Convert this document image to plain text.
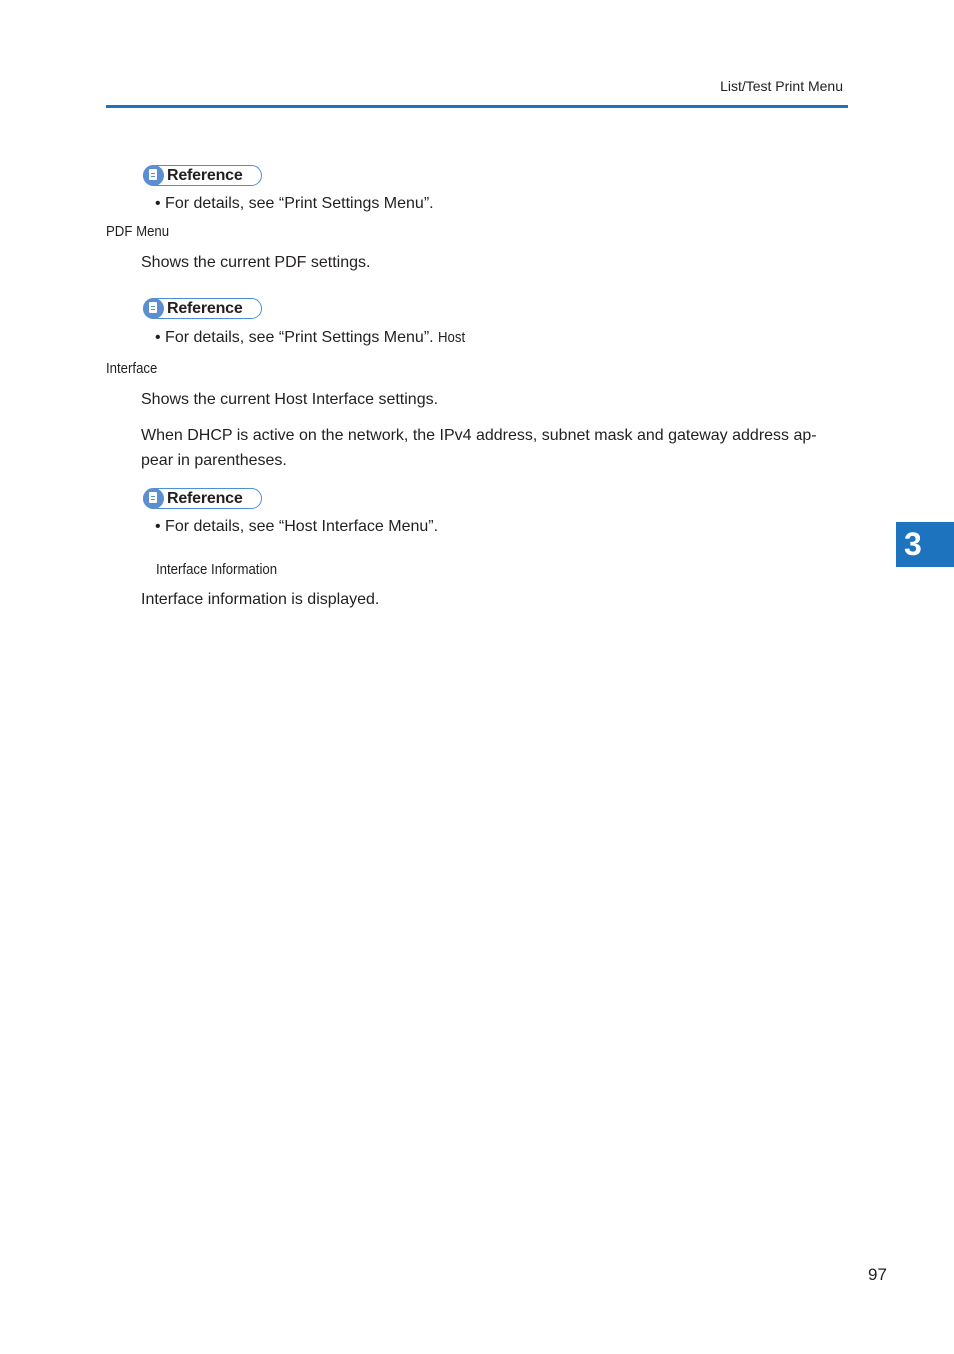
List/Test Print Menu
Reference
• For details, see “Print Settings Menu”.
PDF Menu
Shows the current PDF settings.
Reference
• For details, see “Print Settings Menu”. Host
Interface
Shows the current Host Interface settings.
When DHCP is active on the network, the IPv4 address, subnet mask and gateway address ap-
pear in parentheses.
Reference
• For details, see “Host Interface Menu”.
Interface Information
Interface information is displayed.
3
97
